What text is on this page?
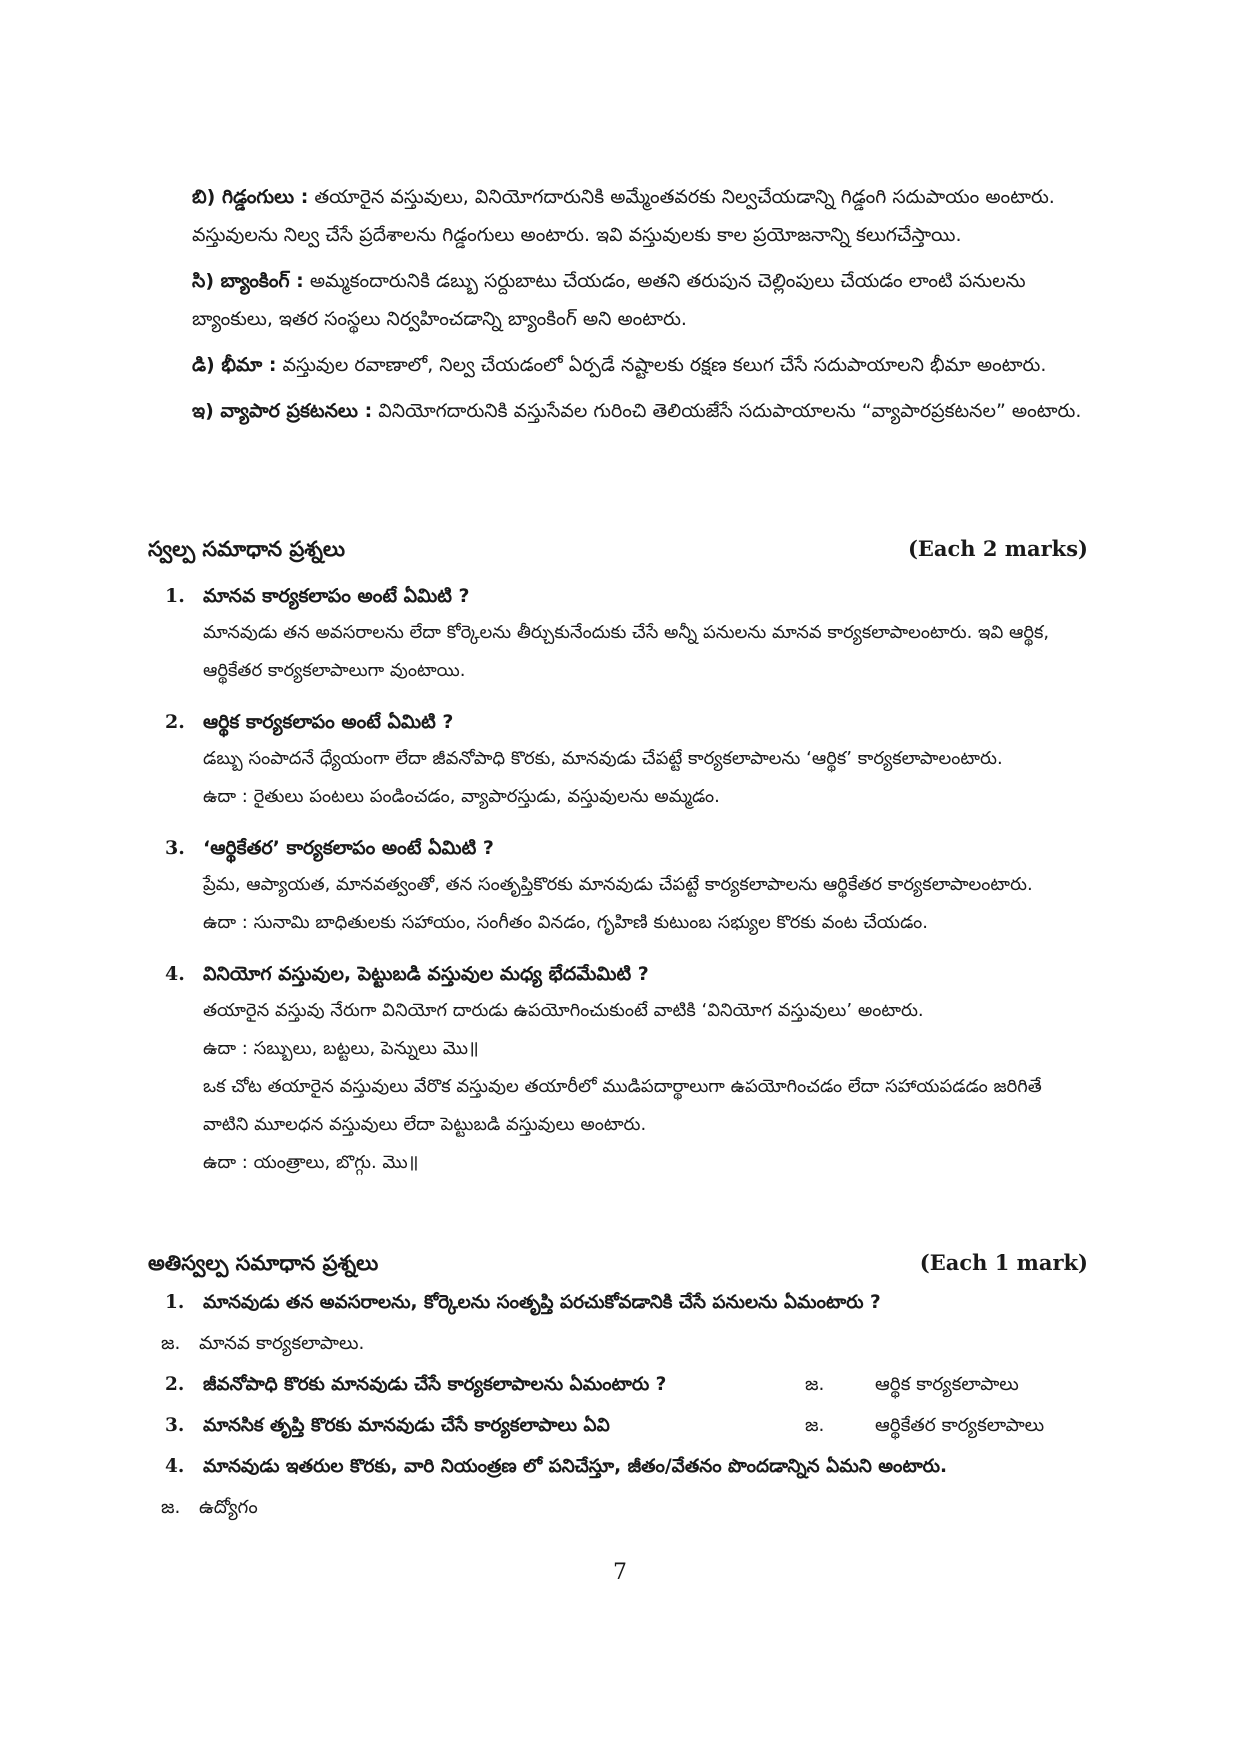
బి) గిడ్డంగులు : తయారైన వస్తువులు, వినియోగదారునికి అమ్మేంతవరకు నిల్వచేయడాన్ని గిడ్డంగి సదుపాయం అంటారు. వస్తువులను నిల్వ చేసే ప్రదేశాలను గిడ్డంగులు అంటారు. ఇవి వస్తువులకు కాల ప్రయోజనాన్ని కలుగచేస్తాయి.
సి) బ్యాంకింగ్ : అమ్మకందారునికి డబ్బు సర్దుబాటు చేయడం, అతని తరుపున చెల్లింపులు చేయడం లాంటి పనులను బ్యాంకులు, ఇతర సంస్థలు నిర్వహించడాన్ని బ్యాంకింగ్ అని అంటారు.
డి) భీమా : వస్తువుల రవాణాలో, నిల్వ చేయడంలో ఏర్పడే నష్టాలకు రక్షణ కలుగ చేసే సదుపాయాలని భీమా అంటారు.
ఇ) వ్యాపార ప్రకటనలు : వినియోగదారునికి వస్తుసేవల గురించి తెలియజేసే సదుపాయాలను “వ్యాపారప్రకటనల” అంటారు.
స్వల్ప సమాధాన ప్రశ్నలు	(Each 2 marks)
1. మానవ కార్యకలాపం అంటే ఏమిటి ?

మానవుడు తన అవసరాలను లేదా కోర్కెలను తీర్చుకునేందుకు చేసే అన్నీ పనులను మానవ కార్యకలాపాలంటారు. ఇవి ఆర్థిక, ఆర్థికేతర కార్యకలాపాలుగా వుంటాయి.

2. ఆర్థిక కార్యకలాపం అంటే ఏమిటి ?

డబ్బు సంపాదనే ధ్యేయంగా లేదా జీవనోపాధి కొరకు, మానవుడు చేపట్టే కార్యకలాపాలను ‘ఆర్థిక’ కార్యకలాపాలంటారు.

ఉదా : రైతులు పంటలు పండించడం, వ్యాపారస్తుడు, వస్తువులను అమ్మడం.

3. ‘ఆర్థికేతర’ కార్యకలాపం అంటే ఏమిటి ?

ప్రేమ, ఆప్యాయత, మానవత్వంతో, తన సంతృప్తికొరకు మానవుడు చేపట్టే కార్యకలాపాలను ఆర్థికేతర కార్యకలాపాలంటారు.

ఉదా : సునామి బాధితులకు సహాయం, సంగీతం వినడం, గృహిణి కుటుంబ సభ్యుల కొరకు వంట చేయడం.

4. వినియోగ వస్తువుల, పెట్టుబడి వస్తువుల మధ్య భేదమేమిటి ?

తయారైన వస్తువు నేరుగా వినియోగ దారుడు ఉపయోగించుకుంటే వాటికి ‘వినియోగ వస్తువులు’ అంటారు.

ఉదా : సబ్బులు, బట్టలు, పెన్నులు మొ॥

ఒక చోట తయారైన వస్తువులు వేరొక వస్తువుల తయారీలో ముడిపదార్థాలుగా ఉపయోగించడం లేదా సహాయపడడం జరిగితే వాటిని మూలధన వస్తువులు లేదా పెట్టుబడి వస్తువులు అంటారు.

ఉదా : యంత్రాలు, బొగ్గు. మొ॥

అతిస్వల్ప సమాధాన ప్రశ్నలు	(Each 1 mark)
1. మానవుడు తన అవసరాలను, కోర్కెలను సంతృప్తి పరచుకోవడానికి చేసే పనులను ఏమంటారు ?
జ. మానవ కార్యకలాపాలు.
2. జీవనోపాధి కొరకు మానవుడు చేసే కార్యకలాపాలను ఏమంటారు ?	జ.	ఆర్థిక కార్యకలాపాలు
3. మానసిక తృప్తి కొరకు మానవుడు చేసే కార్యకలాపాలు ఏవి	జ.	ఆర్థికేతర కార్యకలాపాలు
4. మానవుడు ఇతరుల కొరకు, వారి నియంత్రణ లో పనిచేస్తూ, జీతం/వేతనం పొందడాన్నిన ఏమని అంటారు.
జ. ఉద్యోగం
7
